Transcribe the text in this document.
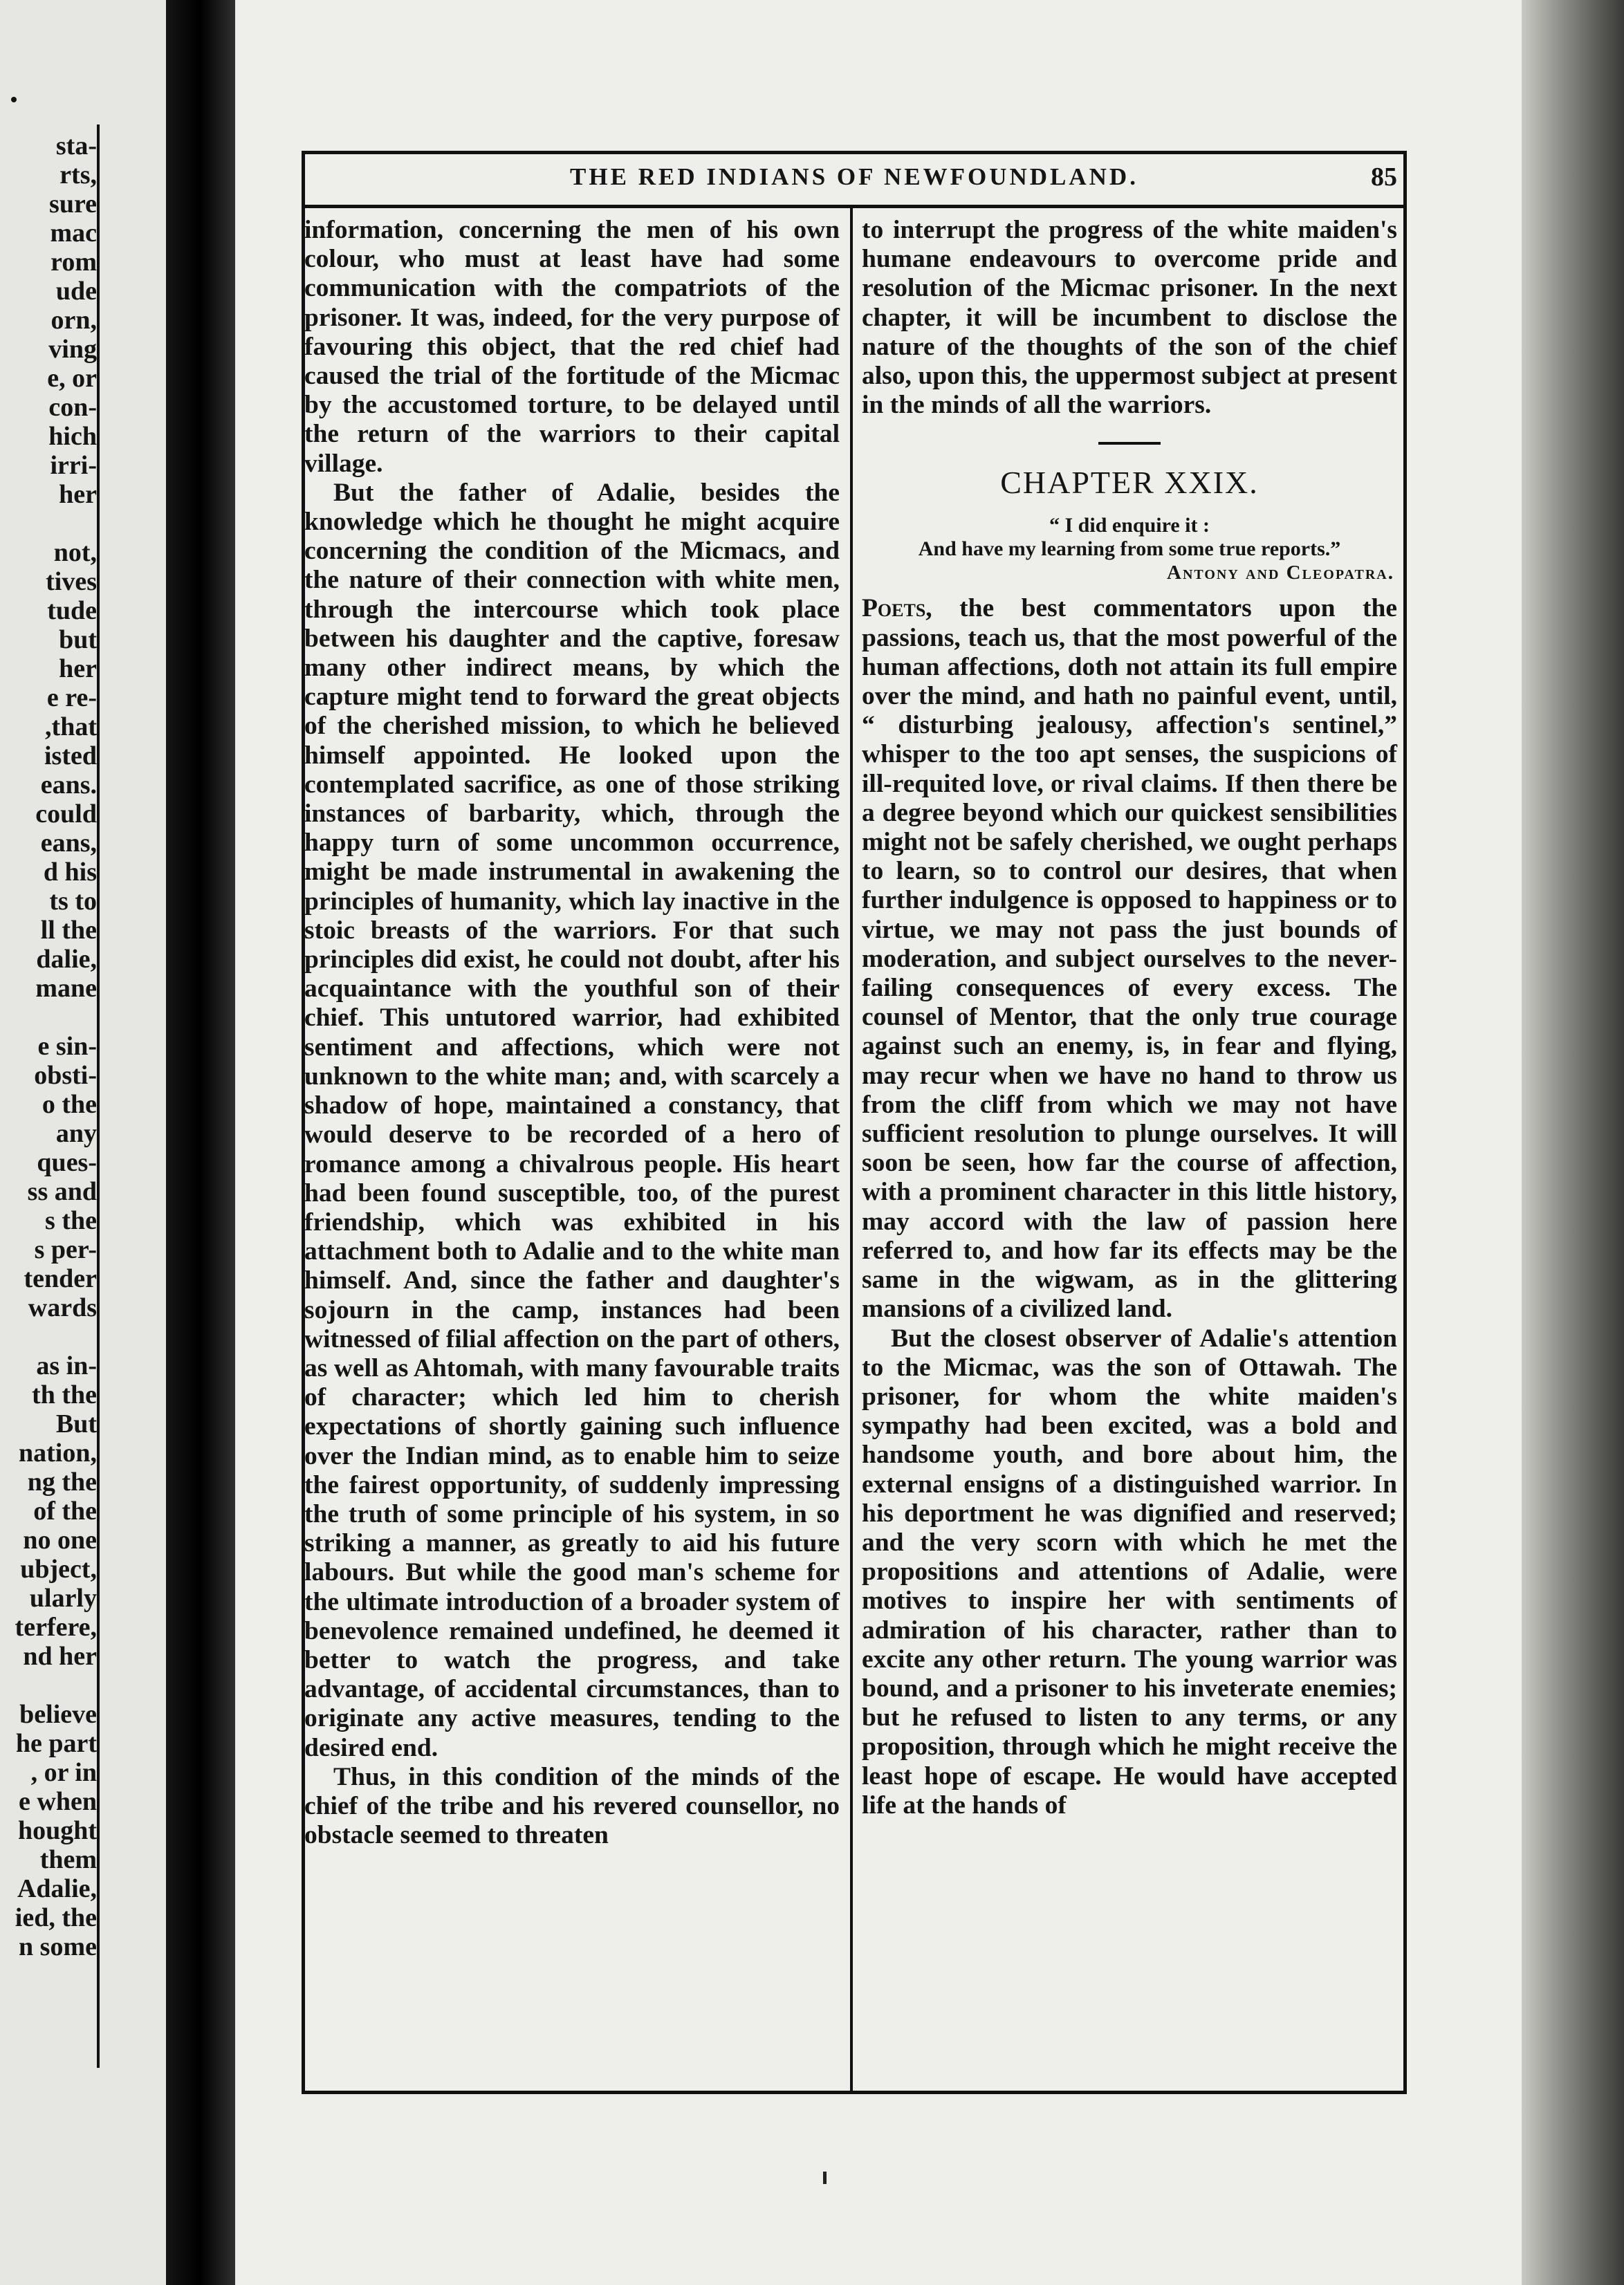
sta-
rts,
sure
mac
rom
ude
orn,
ving
e, or
con-
hich
irri-
her

not,
tives
tude
but
her
e re-
,that
isted
eans.
could
eans,
d his
ts to
ll the
dalie,
mane

e sin-
obsti-
o the
any
ques-
ss and
s the
s per-
tender
wards

as in-
th the
But
nation,
ng the
of the
no one
ubject,
ularly
terfere,
nd her

believe
he part
, or in
e when
hought
them
Adalie,
ied, the
n some
THE RED INDIANS OF NEWFOUNDLAND.	85

information, concerning the men of his own colour, who must at least have had some communication with the compatriots of the prisoner. It was, indeed, for the very purpose of favouring this object, that the red chief had caused the trial of the fortitude of the Micmac by the accustomed torture, to be delayed until the return of the warriors to their capital village.

But the father of Adalie, besides the knowledge which he thought he might acquire concerning the condition of the Micmacs, and the nature of their connection with white men, through the intercourse which took place between his daughter and the captive, foresaw many other indirect means, by which the capture might tend to forward the great objects of the cherished mission, to which he believed himself appointed. He looked upon the contemplated sacrifice, as one of those striking instances of barbarity, which, through the happy turn of some uncommon occurrence, might be made instrumental in awakening the principles of humanity, which lay inactive in the stoic breasts of the warriors. For that such principles did exist, he could not doubt, after his acquaintance with the youthful son of their chief. This untutored warrior, had exhibited sentiment and affections, which were not unknown to the white man; and, with scarcely a shadow of hope, maintained a constancy, that would deserve to be recorded of a hero of romance among a chivalrous people. His heart had been found susceptible, too, of the purest friendship, which was exhibited in his attachment both to Adalie and to the white man himself. And, since the father and daughter's sojourn in the camp, instances had been witnessed of filial affection on the part of others, as well as Ahtomah, with many favourable traits of character; which led him to cherish expectations of shortly gaining such influence over the Indian mind, as to enable him to seize the fairest opportunity, of suddenly impressing the truth of some principle of his system, in so striking a manner, as greatly to aid his future labours. But while the good man's scheme for the ultimate introduction of a broader system of benevolence remained undefined, he deemed it better to watch the progress, and take advantage, of accidental circumstances, than to originate any active measures, tending to the desired end.

Thus, in this condition of the minds of the chief of the tribe and his revered counsellor, no obstacle seemed to threaten

to interrupt the progress of the white maiden's humane endeavours to overcome pride and resolution of the Micmac prisoner. In the next chapter, it will be incumbent to disclose the nature of the thoughts of the son of the chief also, upon this, the uppermost subject at present in the minds of all the warriors.

CHAPTER XXIX.
“ I did enquire it :
And have my learning from some true reports.”
Antony and Cleopatra.

Poets, the best commentators upon the passions, teach us, that the most powerful of the human affections, doth not attain its full empire over the mind, and hath no painful event, until, “ disturbing jealousy, affection's sentinel,” whisper to the too apt senses, the suspicions of ill-requited love, or rival claims. If then there be a degree beyond which our quickest sensibilities might not be safely cherished, we ought perhaps to learn, so to control our desires, that when further indulgence is opposed to happiness or to virtue, we may not pass the just bounds of moderation, and subject ourselves to the never-failing consequences of every excess. The counsel of Mentor, that the only true courage against such an enemy, is, in fear and flying, may recur when we have no hand to throw us from the cliff from which we may not have sufficient resolution to plunge ourselves. It will soon be seen, how far the course of affection, with a prominent character in this little history, may accord with the law of passion here referred to, and how far its effects may be the same in the wigwam, as in the glittering mansions of a civilized land.

But the closest observer of Adalie's attention to the Micmac, was the son of Ottawah. The prisoner, for whom the white maiden's sympathy had been excited, was a bold and handsome youth, and bore about him, the external ensigns of a distinguished warrior. In his deportment he was dignified and reserved; and the very scorn with which he met the propositions and attentions of Adalie, were motives to inspire her with sentiments of admiration of his character, rather than to excite any other return. The young warrior was bound, and a prisoner to his inveterate enemies; but he refused to listen to any terms, or any proposition, through which he might receive the least hope of escape. He would have accepted life at the hands of
